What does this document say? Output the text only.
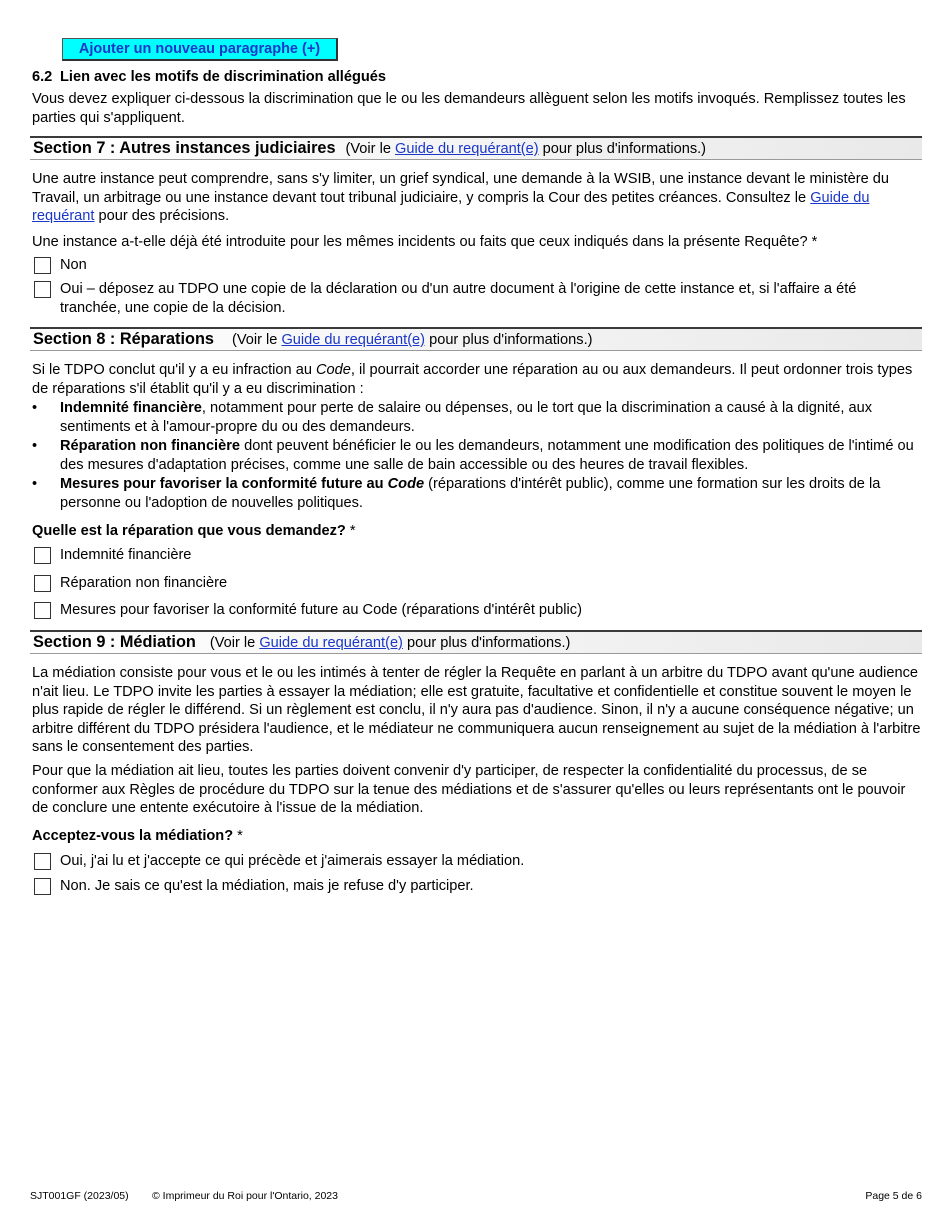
Ajouter un nouveau paragraphe (+)
6.2 Lien avec les motifs de discrimination allégués

Vous devez expliquer ci-dessous la discrimination que le ou les demandeurs allèguent selon les motifs invoqués. Remplissez toutes les parties qui s'appliquent.

Section 7 : Autres instances judiciaires (Voir le Guide du requérant(e) pour plus d'informations.)

Une autre instance peut comprendre, sans s'y limiter, un grief syndical, une demande à la WSIB, une instance devant le ministère du Travail, un arbitrage ou une instance devant tout tribunal judiciaire, y compris la Cour des petites créances. Consultez le Guide du requérant pour des précisions.

Une instance a-t-elle déjà été introduite pour les mêmes incidents ou faits que ceux indiqués dans la présente Requête? *

Non
Oui – déposez au TDPO une copie de la déclaration ou d'un autre document à l'origine de cette instance et, si l'affaire a été tranchée, une copie de la décision.
Section 8 : Réparations (Voir le Guide du requérant(e) pour plus d'informations.)

Si le TDPO conclut qu'il y a eu infraction au Code, il pourrait accorder une réparation au ou aux demandeurs. Il peut ordonner trois types de réparations s'il établit qu'il y a eu discrimination :

•	Indemnité financière, notamment pour perte de salaire ou dépenses, ou le tort que la discrimination a causé à la dignité, aux sentiments et à l'amour-propre du ou des demandeurs.
•	Réparation non financière dont peuvent bénéficier le ou les demandeurs, notamment une modification des politiques de l'intimé ou des mesures d'adaptation précises, comme une salle de bain accessible ou des heures de travail flexibles.
•	Mesures pour favoriser la conformité future au Code (réparations d'intérêt public), comme une formation sur les droits de la personne ou l'adoption de nouvelles politiques.

Quelle est la réparation que vous demandez? *

Indemnité financière
Réparation non financière
Mesures pour favoriser la conformité future au Code (réparations d'intérêt public)
Section 9 : Médiation (Voir le Guide du requérant(e) pour plus d'informations.)

La médiation consiste pour vous et le ou les intimés à tenter de régler la Requête en parlant à un arbitre du TDPO avant qu'une audience n'ait lieu. Le TDPO invite les parties à essayer la médiation; elle est gratuite, facultative et confidentielle et constitue souvent le moyen le plus rapide de régler le différend. Si un règlement est conclu, il n'y aura pas d'audience. Sinon, il n'y a aucune conséquence négative; un arbitre différent du TDPO présidera l'audience, et le médiateur ne communiquera aucun renseignement au sujet de la médiation à l'arbitre sans le consentement des parties.

Pour que la médiation ait lieu, toutes les parties doivent convenir d'y participer, de respecter la confidentialité du processus, de se conformer aux Règles de procédure du TDPO sur la tenue des médiations et de s'assurer qu'elles ou leurs représentants ont le pouvoir de conclure une entente exécutoire à l'issue de la médiation.

Acceptez-vous la médiation? *

Oui, j'ai lu et j'accepte ce qui précède et j'aimerais essayer la médiation.
Non. Je sais ce qu'est la médiation, mais je refuse d'y participer.
SJT001GF (2023/05) © Imprimeur du Roi pour l'Ontario, 2023	Page 5 de 6
